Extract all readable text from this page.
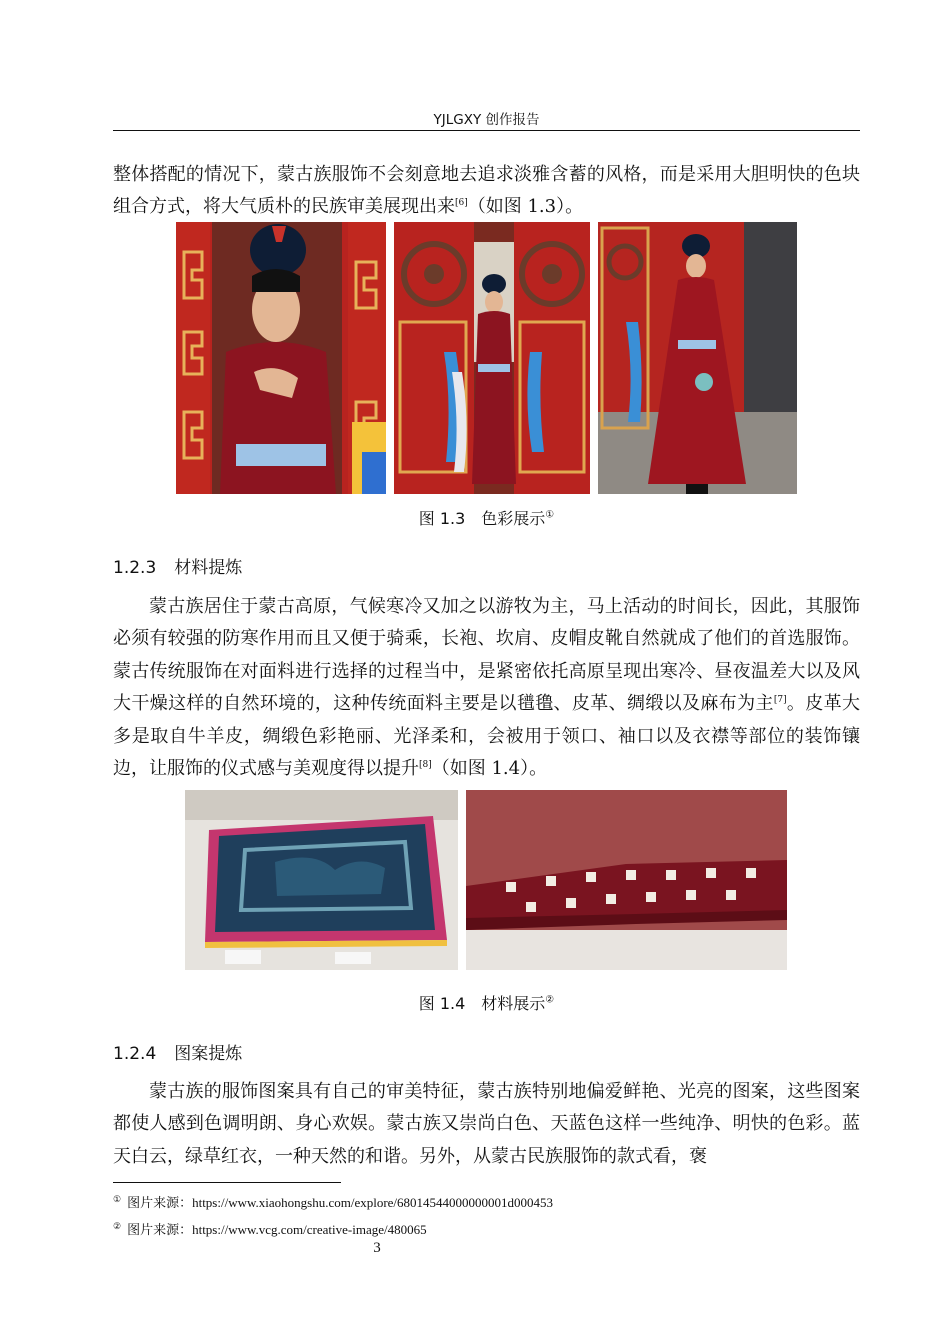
YJLGXY 创作报告

整体搭配的情况下，蒙古族服饰不会刻意地去追求淡雅含蓄的风格，而是采用大胆明快的色块组合方式，将大气质朴的民族审美展现出来[6]（如图 1.3）。

图 1.3　色彩展示①
1.2.3 材料提炼

蒙古族居住于蒙古高原，气候寒冷又加之以游牧为主，马上活动的时间长，因此，其服饰必须有较强的防寒作用而且又便于骑乘，长袍、坎肩、皮帽皮靴自然就成了他们的首选服饰。蒙古传统服饰在对面料进行选择的过程当中，是紧密依托高原呈现出寒冷、昼夜温差大以及风大干燥这样的自然环境的，这种传统面料主要是以氆氇、皮革、绸缎以及麻布为主[7]。皮革大多是取自牛羊皮，绸缎色彩艳丽、光泽柔和，会被用于领口、袖口以及衣襟等部位的装饰镶边，让服饰的仪式感与美观度得以提升[8]（如图 1.4）。

图 1.4　材料展示②
1.2.4 图案提炼

蒙古族的服饰图案具有自己的审美特征，蒙古族特别地偏爱鲜艳、光亮的图案，这些图案都使人感到色调明朗、身心欢娱。蒙古族又崇尚白色、天蓝色这样一些纯净、明快的色彩。蓝天白云，绿草红衣，一种天然的和谐。另外，从蒙古民族服饰的款式看，褒

① 图片来源：https://www.xiaohongshu.com/explore/68014544000000001d000453
② 图片来源：https://www.vcg.com/creative-image/480065
3
